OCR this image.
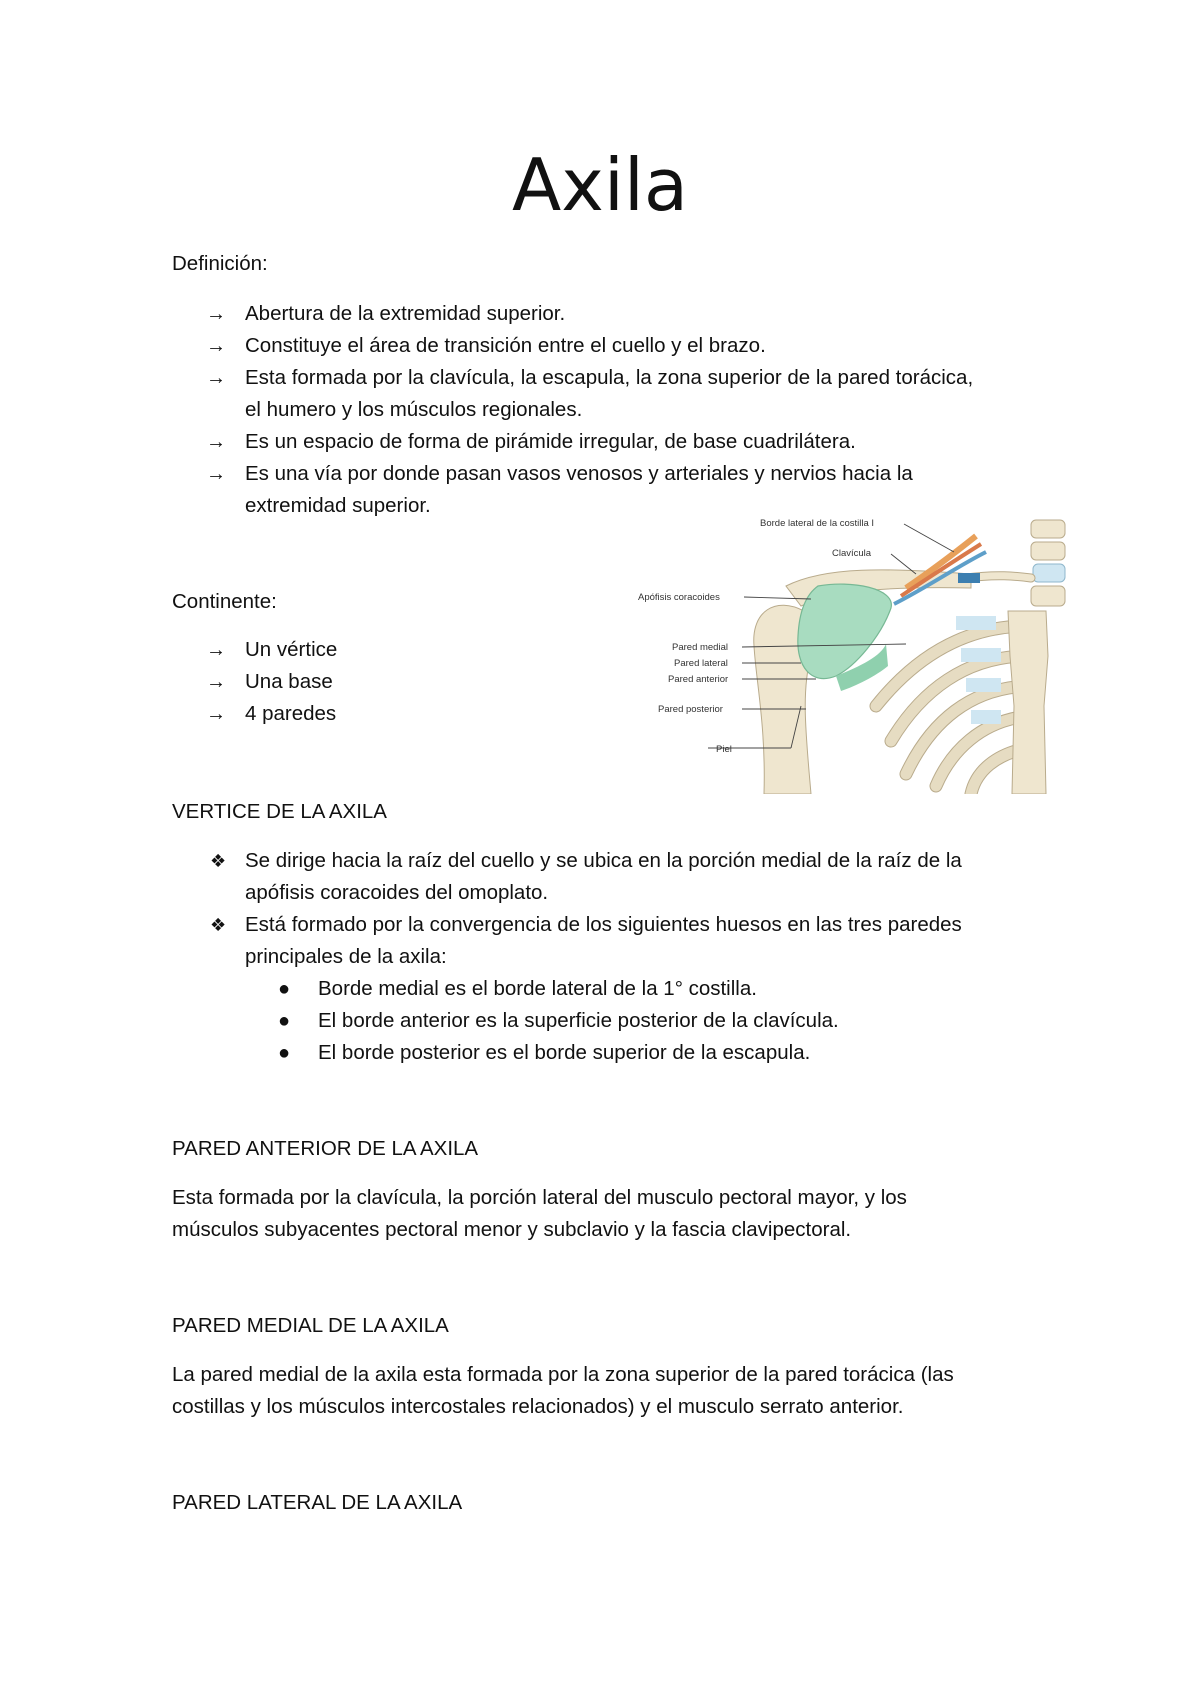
Axila
Definición:
→ Abertura de la extremidad superior.
→ Constituye el área de transición entre el cuello y el brazo.
→ Esta formada por la clavícula, la escapula, la zona superior de la pared torácica,
el humero y los músculos regionales.
→ Es un espacio de forma de pirámide irregular, de base cuadrilátera.
→ Es una vía por donde pasan vasos venosos y arteriales y nervios hacia la
extremidad superior.
Continente:
→ Un vértice
→ Una base
→ 4 paredes
Borde lateral de la costilla I
Clavícula
Apófisis coracoides
Pared medial
Pared lateral
Pared anterior
Pared posterior
Piel
VERTICE DE LA AXILA
❖ Se dirige hacia la raíz del cuello y se ubica en la porción medial de la raíz de la
apófisis coracoides del omoplato.
❖ Está formado por la convergencia de los siguientes huesos en las tres paredes
principales de la axila:
● Borde medial es el borde lateral de la 1° costilla.
● El borde anterior es la superficie posterior de la clavícula.
● El borde posterior es el borde superior de la escapula.
PARED ANTERIOR DE LA AXILA
Esta formada por la clavícula, la porción lateral del musculo pectoral mayor, y los
músculos subyacentes pectoral menor y subclavio y la fascia clavipectoral.
PARED MEDIAL DE LA AXILA
La pared medial de la axila esta formada por la zona superior de la pared torácica (las
costillas y los músculos intercostales relacionados) y el musculo serrato anterior.
PARED LATERAL DE LA AXILA
